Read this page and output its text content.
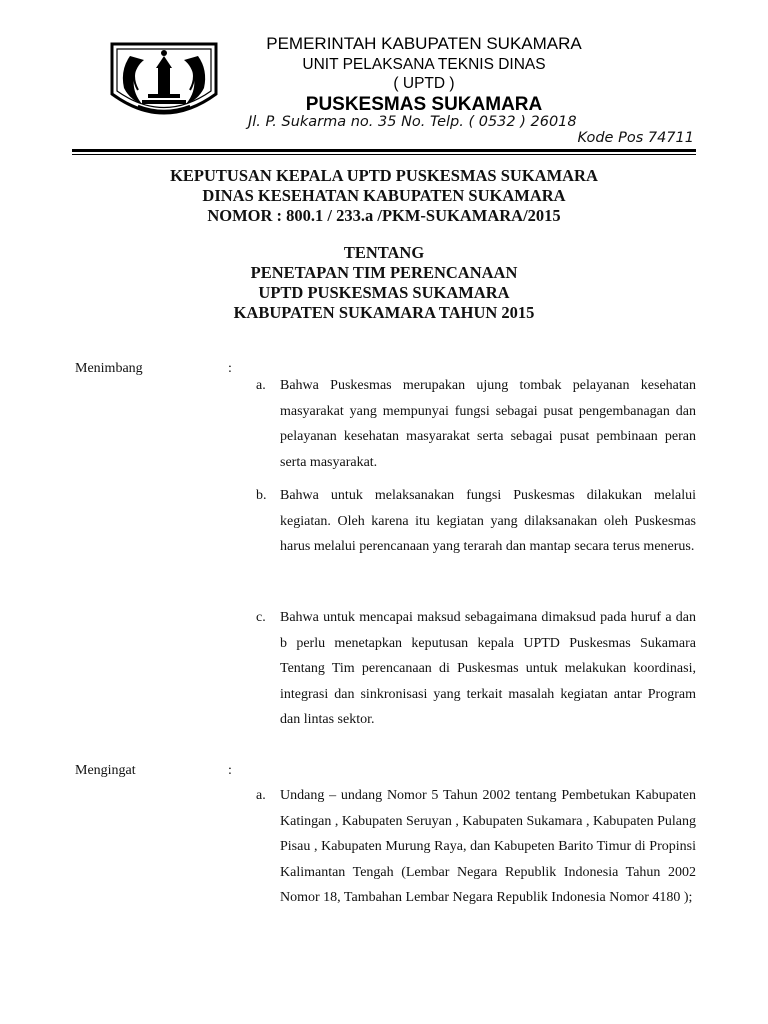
PEMERINTAH KABUPATEN SUKAMARA
UNIT PELAKSANA TEKNIS DINAS
( UPTD )
PUSKESMAS SUKAMARA
Jl. P. Sukarma no. 35 No. Telp. ( 0532 ) 26018
Kode Pos 74711
KEPUTUSAN KEPALA UPTD PUSKESMAS SUKAMARA
DINAS KESEHATAN KABUPATEN SUKAMARA
NOMOR : 800.1 / 233.a /PKM-SUKAMARA/2015
TENTANG
PENETAPAN TIM PERENCANAAN
UPTD PUSKESMAS SUKAMARA
KABUPATEN SUKAMARA TAHUN 2015
Menimbang	:
a. Bahwa Puskesmas merupakan ujung tombak pelayanan kesehatan masyarakat yang mempunyai fungsi sebagai pusat pengembanagan dan pelayanan kesehatan masyarakat serta sebagai pusat pembinaan peran serta masyarakat.

b. Bahwa untuk melaksanakan fungsi Puskesmas dilakukan melalui kegiatan. Oleh karena itu kegiatan yang dilaksanakan oleh Puskesmas harus melalui perencanaan yang terarah dan mantap secara terus menerus.

c. Bahwa untuk mencapai maksud sebagaimana dimaksud pada huruf a dan b perlu menetapkan keputusan kepala UPTD Puskesmas Sukamara Tentang Tim perencanaan di Puskesmas untuk melakukan koordinasi, integrasi dan sinkronisasi yang terkait masalah kegiatan antar Program dan lintas sektor.

Mengingat	:
a. Undang – undang Nomor 5 Tahun 2002 tentang Pembetukan Kabupaten Katingan , Kabupaten Seruyan , Kabupaten Sukamara , Kabupaten Pulang Pisau , Kabupaten Murung Raya, dan Kabupeten Barito Timur di Propinsi Kalimantan Tengah (Lembar Negara Republik Indonesia Tahun 2002 Nomor 18, Tambahan Lembar Negara Republik Indonesia Nomor 4180 );
